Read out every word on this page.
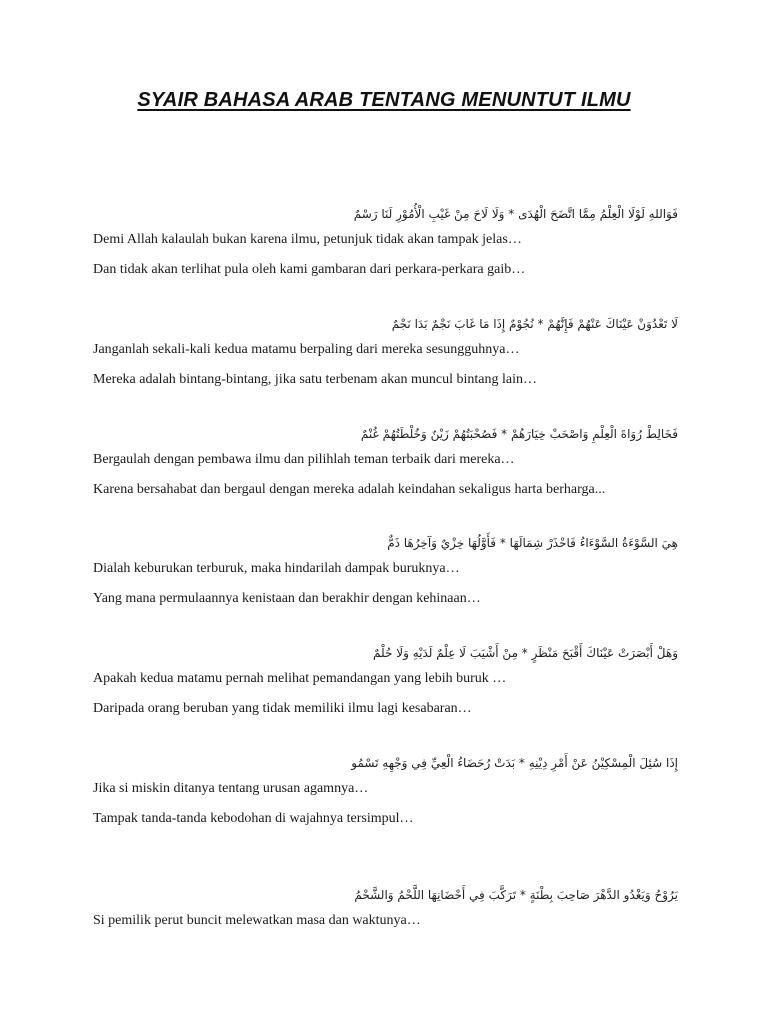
SYAIR BAHASA ARAB TENTANG MENUNTUT ILMU
فَوَاللهِ لَوْلَا الْعِلْمُ مِمَّا اتَّضَحَ الْهُدَى * وَلَا لَاحَ مِنْ غَيْبِ الْأُمُوْرِ لَنَا رَسْمٌ
Demi Allah kalaulah bukan karena ilmu, petunjuk tidak akan tampak jelas…
Dan tidak akan terlihat pula oleh kami gambaran dari perkara-perkara gaib…
لَا تَعْدُوَنْ عَيْنَاكَ عَنْهُمْ فَإِنَّهُمْ * نُجُوْمٌ إِذَا مَا غَابَ نَجْمٌ بَدَا نَجْمٌ
Janganlah sekali-kali kedua matamu berpaling dari mereka sesungguhnya…
Mereka adalah bintang-bintang, jika satu terbenam akan muncul bintang lain…
فَخَالِطْ رُوَاةَ الْعِلْمِ وَاصْحَبْ خِيَارَهُمْ * فَصُحْبَتُهُمْ زَيْنٌ وَخُلْطَتُهُمْ غُنْمٌ
Bergaulah dengan pembawa ilmu dan pilihlah teman terbaik dari mereka…
Karena bersahabat dan bergaul dengan mereka adalah keindahan sekaligus harta berharga...
هِيَ السَّوْءَةُ السَّوْءَاءُ فَاحْذَرْ شِمَالَهَا * فَأَوَّلُهَا خِزْيٌ وَآخِرُهَا ذَمٌّ
Dialah keburukan terburuk, maka hindarilah dampak buruknya…
Yang mana permulaannya kenistaan dan berakhir dengan kehinaan…
وَهَلْ أَبْصَرَتْ عَيْنَاكَ أَقْبَحَ مَنْظَرٍ * مِنْ أَشْيَبَ لَا عِلْمٌ لَدَيْهِ وَلَا حُلْمٌ
Apakah kedua matamu pernah melihat pemandangan yang lebih buruk …
Daripada orang beruban yang tidak memiliki ilmu lagi kesabaran…
إِذَا سُئِلَ الْمِسْكِيْنُ عَنْ أَمْرِ دِيْنِهِ * بَدَتْ رُحَضَاءُ الْعِيِّ فِي وَجْهِهِ تَسْمُو
Jika si miskin ditanya tentang urusan agamnya…
Tampak tanda-tanda kebodohan di wajahnya tersimpul…
يَرُوْحُ وَيَغْدُو الدَّهْرَ صَاحِبَ بِطْنَةٍ * تَرَكَّبَ فِي أَحْضَانِهَا اللَّحْمُ وَالشَّحْمُ
Si pemilik perut buncit melewatkan masa dan waktunya…
